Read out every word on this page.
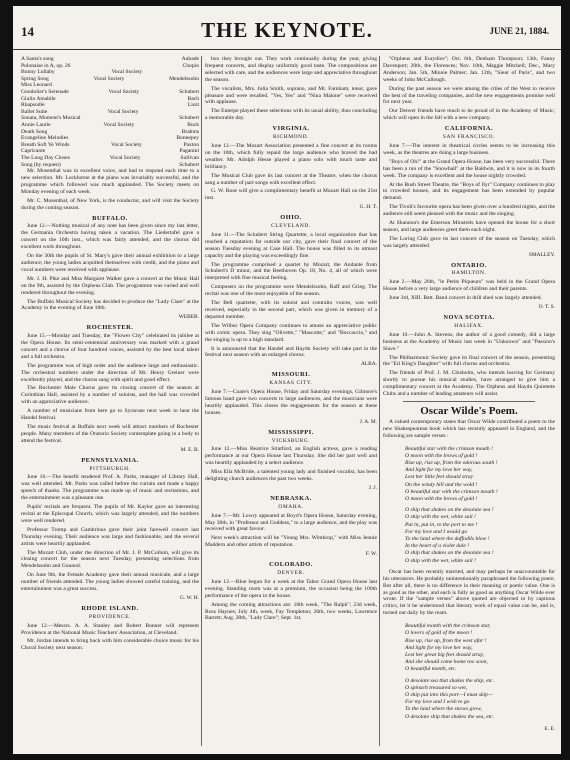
14	THE KEYNOTE.	JUNE 21, 1884.
A Santa's song	Aubade
Polonaise in A, op. 26	Chopin
Bunny Lullaby	Vocal Society
Spring Song	Vocal Society	Mendelssohn
Miss Leonard
Gondolier's Serenade	Vocal Society	Schubert
Giulio Amabile	Bach
Rhapsodie	Liszt
Ballet Suite	Vocal Society
Sonata, Moment's Musical	Schubert
Annie Laurie	Vocal Society	Buck
Death Song	Brahms
Evangeline Melodies	Bonnepey
Breath Soft Ye Winds	Vocal Society	Paxton
Capricante	Paganini
The Long Day Closes	Vocal Society	Sullivan
Song (by request)	Schubert

Mr. Mosenthal was in excellent voice, and had to respond each time to a new selection. Mr. Lockhorne at the piano was invariably successful, and the programme which followed was much applauded. The Society meets on Monday evening of each week.

Mr. C. Mosenthal, of New York, is the conductor, and will visit the Society during the coming season.

BUFFALO.

June 12.—Nothing musical of any note has been given since my last letter, the Germania Orchestra having taken a vacation. The Liedertafel gave a concert on the 10th inst., which was fairly attended, and the chorus did excellent work throughout.

On the 30th the pupils of St. Mary's gave their annual exhibition to a large audience; the young ladies acquitted themselves with credit, and the piano and vocal numbers were received with applause.

Mr. J. H. Pike and Miss Margaret Walker gave a concert at the Music Hall on the 9th, assisted by the Orpheus Club. The programme was varied and well rendered throughout the evening.

The Buffalo Musical Society has decided to produce the "Lady Clare" at the Academy in the evening of June 18th.

WEBER.
ROCHESTER.

June 15.—Monday and Tuesday, the "Flower City" celebrated its jubilee at the Opera House. Its semi-centennial anniversary was marked with a grand concert and a chorus of four hundred voices, assisted by the best local talent and a full orchestra.

The programme was of high order and the audience large and enthusiastic. The orchestral numbers under the direction of Mr. Henry Greiner were excellently played, and the chorus sang with spirit and good effect.

The Rochester Male Chorus gave its closing concert of the season at Corinthian Hall, assisted by a number of soloists, and the hall was crowded with an appreciative audience.

A number of musicians from here go to Syracuse next week to hear the Handel festival.

The music festival at Buffalo next week will attract numbers of Rochester people. Many members of the Oratorio Society contemplate going in a body to attend the festival.

M. E. B.
PENNSYLVANIA.
PITTSBURGH.

June 16.—The benefit tendered Prof. A. Parks, manager of Library Hall, was well attended. Mr. Parks was called before the curtain and made a happy speech of thanks. The programme was made up of music and recitations, and the entertainment was a pleasant one.

Pupils' recitals are frequent. The pupils of Mr. Kaylor gave an interesting recital at the Episcopal Church, which was largely attended, and the numbers were well rendered.

Professor Tromp and Gambrinus gave their joint farewell concert last Thursday evening. Their audience was large and fashionable, and the several artists were heartily applauded.

The Mozart Club, under the direction of Mr. J. P. McCollum, will give its closing concert for the season next Tuesday, presenting selections from Mendelssohn and Gounod.

On June 9th, the Female Academy gave their annual musicale, and a large number of friends attended. The young ladies showed careful training, and the entertainment was a great success.

G. W. H.
RHODE ISLAND.
PROVIDENCE.

June 12.—Messrs. A. A. Stanley and Robert Bonner will represent Providence at the National Music Teachers' Association, at Cleveland.

Mr. Jordan intends to bring back with him considerable choice music for his Choral Society next season.

box they brought out. They work continually during the year, giving frequent concerts, and display uniformly good taste. The compositions are selected with care, and the audiences were large and appreciative throughout the season.

The vocalists, Mrs. Julia Smith, soprano, and Mr. Farnham, tenor, gave pleasure and were recalled. "Yes, Yes" and "Nina Malone" were received with applause.

The Euterpe played these selections with its usual ability, thus concluding a memorable day.

VIRGINIA.
RICHMOND.

June 12.—The Mozart Association presented a fine concert at its rooms on the 10th, which fully repaid the large audience who braved the bad weather. Mr. Adolph Hesse played a piano solo with much taste and brilliancy.

The Musical Club gave its last concert at the Theatre, when the chorus sang a number of part songs with excellent effect.

G. W. Rose will give a complimentary benefit at Mozart Hall on the 21st inst.

G. H. T.
OHIO.
CLEVELAND.

June 11.—The Schubert String Quartette, a local organization that has reached a reputation far outside our city, gave their final concert of the season Tuesday evening at Case Hall. The house was filled to its utmost capacity and the playing was exceedingly fine.

The programme comprised a quartet by Mozart, the Andante from Schubert's D minor, and the Beethoven Op. 18, No. 4, all of which were interpreted with fine musical feeling.

Composers on the programme were Mendelssohn, Raff and Grieg. The recital was one of the most enjoyable of the season.

The Bell quartette, with its soloist and contralto voices, was well received, especially in the second part, which was given in memory of a departed member.

The Wilbur Opera Company continues to amuse an appreciative public with comic opera. They sing "Olivette," "Mascotte," and "Boccaccio," and the singing is up to a high standard.

It is announced that the Handel and Haydn Society will take part in the festival next season with an enlarged chorus.

ALBA.
MISSOURI.
KANSAS CITY.

June 7.—Coate's Opera House, Friday and Saturday evenings, Gilmore's famous band gave two concerts to large audiences, and the musicians were heartily applauded. This closes the engagements for the season at these houses.

J. A. M.
MISSISSIPPI.
VICKSBURG.

June 12.—Miss Beatrice Stratford, an English actress, gave a reading performance at our Opera House last Thursday. She did her part well and was heartily applauded by a select audience.

Miss Ella McBride, a talented young lady and finished vocalist, has been delighting church audiences the past two weeks.

J. J.
NEBRASKA.
OMAHA.

June 7.—Mr. Lowry appeared at Boyd's Opera House, Saturday evening, May 30th, in "Professor and Goddess," to a large audience, and the play was received with great favour.

Next week's attraction will be "Young Mrs. Winthrop," with Miss Jennie Maddern and other artists of reputation.

F. W.
COLORADO.
DENVER.

June 12.—Blue begun for a week at the Tabor Grand Opera House last evening. Standing room was at a premium, the occasion being the 100th performance of the opera in the house.

Among the coming attractions are: 16th week, "The Ralph"; 23d week, Ross Haynes; July 4th, week, Fay Templeton; 26th, two weeks, Lawrence Barrett; Aug. 28th, "Lady Clare"; Sept. 1st.

"Orpheus and Eurydice"; Oct. 6th, Denham Thompson; 13th, Fanny Davenport; 20th, the Florences; Nov. 10th, Maggie Mitchell; Dec., Mary Anderson; Jan. 5th, Minnie Palmer; Jan. 12th, "Sieur of Paris", and two weeks of John McCullough.

During the past season we were among the cities of the West to receive the best of the traveling companies, and the new engagements promise well for next year.

Our Denver friends have much to be proud of in the Academy of Music, which will open in the fall with a new company.

CALIFORNIA.
SAN FRANCISCO.

June 7.—The interest in theatrical circles seems to be increasing this week, as the theatres are doing a large business.

"Boys of Oh!" at the Grand Opera House, has been very successful. There has been a run of the "Snowball" at the Baldwin, and it is now in its fourth week. The company is excellent and the house nightly crowded.

At the Bush Street Theatre, the "Boys of Ilyr" Company continues to play to crowded houses, and its engagement has been extended by popular demand.

The Tivoli's favourite opera has been given over a hundred nights, and the audience still seem pleased with the music and the singing.

At Shannon's the Emerson Minstrels have opened the house for a short season, and large audiences greet them each night.

The Loring Club gave its last concert of the season on Tuesday, which was largely attended.

SMALLEY.
ONTARIO.
HAMILTON.

June 2.—May 26th, "le Petits Piqueurs" was held in the Grand Opera House before a very large audience of children and their parents.

June 3rd, XIII. Batt. Band concert in drill shed was largely attended.

O. T. S.
NOVA SCOTIA.
HALIFAX.

June 10.—John A. Stevens, the author of a good comedy, did a large business at the Academy of Music last week in "Unknown" and "Passion's Slave."

The Philharmonic Society gave its final concert of the season, presenting the "Erl King's Daughter" with full chorus and orchestra.

The friends of Prof. J. M. Chisholm, who intends leaving for Germany shortly to pursue his musical studies, have arranged to give him a complimentary concert at the Academy. The Orpheus and Haydn Quintette Clubs and a number of leading amateurs will assist.

Oscar Wilde's Poem.

A valued contemporary states that Oscar Wilde contributed a poem to the new Shakespearean book which has recently appeared in England, and the following are sample verses :

Beautiful star with the crimson mouth !
O moon with the brows of gold !
Rise up, rise up, from the odorous south !
And light for my love her way,
Lest her little feet should stray
On the windy hill and the wold !
O beautiful star with the crimson mouth !
O moon with the brows of gold !
O ship that shakes on the desolate sea !
O ship with the wet, white sail !
Put in, put in, to the port to me !
For my love and I would go
To the land where the daffodils blow !
In the heart of a violet dale !
O ship that shakes on the desolate sea !
O ship with the wet, white sail !

Oscar has been recently married, and may perhaps be unaccountable for his utterances. He probably unintentionally paraphrased the following poem. But after all, there is no difference in their meaning or poetic value. One is as good as the other, and each is fully as good as anything Oscar Wilde ever wrote. If the "sample verses" above quoted are objected to by captious critics, let it be understood that literary work of equal value can be, and is, turned out daily by the ream.

Beautiful month with the crimson star,
O lovers of gold of the moon !
Rise up, rise up, from the west afar !
And light for my love her way,
Lest her great big feet should stray,
And she should come home too soon,
O beautiful month, etc.
O desolate sea that shakes the ship, etc.
O spinach treasured so wet,
O ship put into this port—I must skip—
For my love and I wish to go
To the land where the snows grow,
O desolate ship that shakes the sea, etc.
E. E.
